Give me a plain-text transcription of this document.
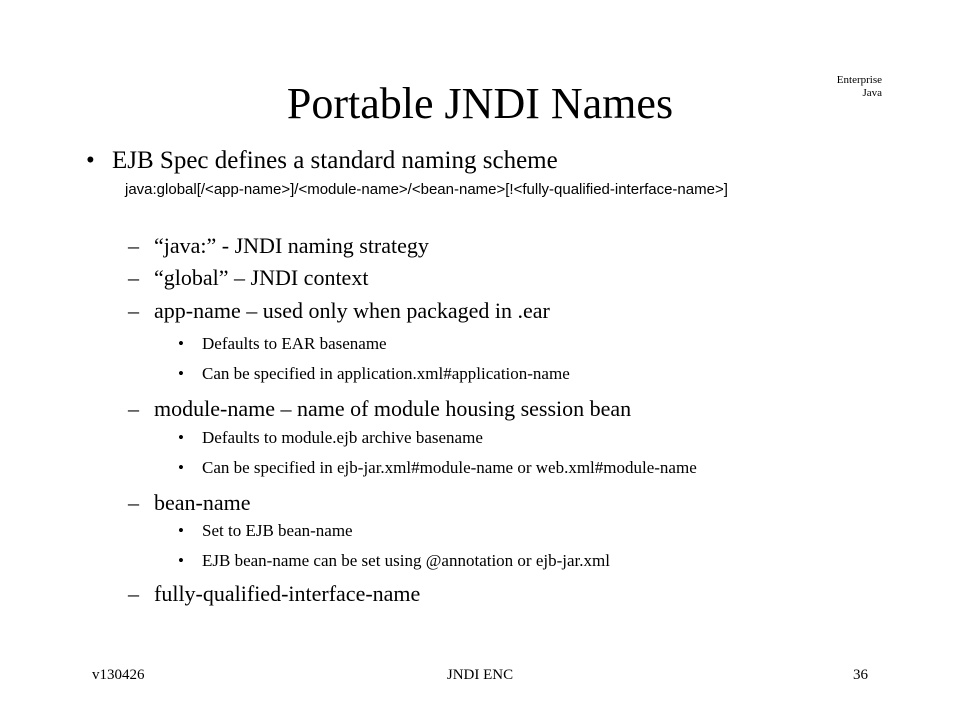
Enterprise
Java
Portable JNDI Names
• EJB Spec defines a standard naming scheme
java:global[/<app-name>]/<module-name>/<bean-name>[!<fully-qualified-interface-name>]
– “java:” - JNDI naming strategy
– “global” – JNDI context
– app-name – used only when packaged in .ear
• Defaults to EAR basename
• Can be specified in application.xml#application-name
– module-name – name of module housing session bean
• Defaults to module.ejb archive basename
• Can be specified in ejb-jar.xml#module-name or web.xml#module-name
– bean-name
• Set to EJB bean-name
• EJB bean-name can be set using @annotation or ejb-jar.xml
– fully-qualified-interface-name
v130426	JNDI ENC	36
